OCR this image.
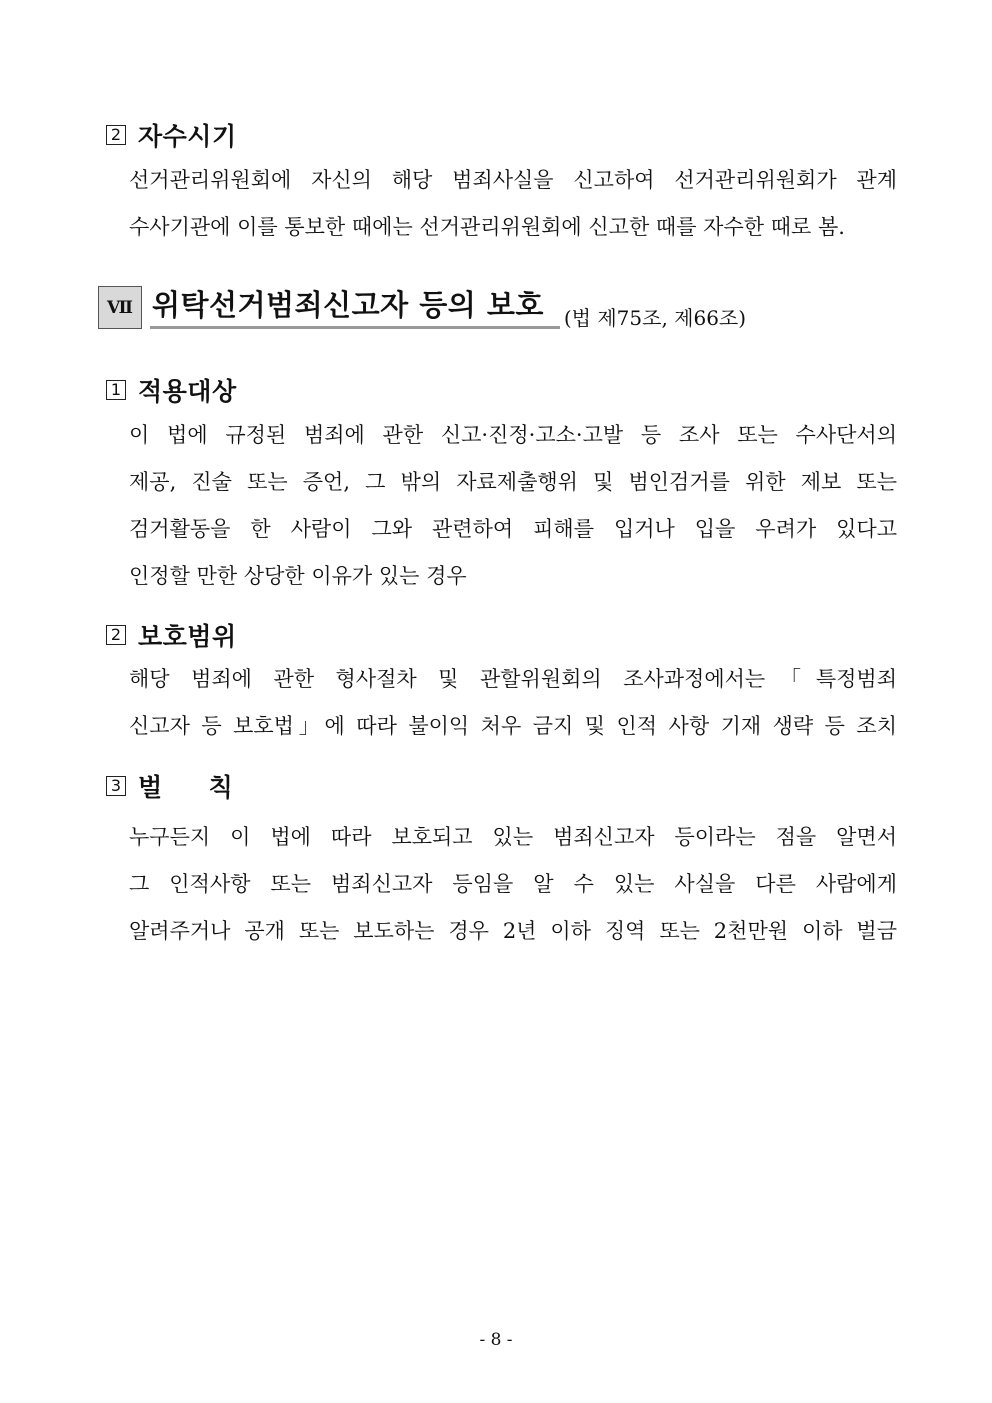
2 자수시기
선거관리위원회에 자신의 해당 범죄사실을 신고하여 선거관리위원회가 관계
수사기관에 이를 통보한 때에는 선거관리위원회에 신고한 때를 자수한 때로 봄.
Ⅶ 위탁선거범죄신고자 등의 보호	(법 제75조, 제66조)
1 적용대상
이 법에 규정된 범죄에 관한 신고·진정·고소·고발 등 조사 또는 수사단서의
제공, 진술 또는 증언, 그 밖의 자료제출행위 및 범인검거를 위한 제보 또는
검거활동을 한 사람이 그와 관련하여 피해를 입거나 입을 우려가 있다고
인정할 만한 상당한 이유가 있는 경우
2 보호범위
해당 범죄에 관한 형사절차 및 관할위원회의 조사과정에서는「특정범죄
신고자 등 보호법」에 따라 불이익 처우 금지 및 인적 사항 기재 생략 등 조치
3 벌     칙
누구든지 이 법에 따라 보호되고 있는 범죄신고자 등이라는 점을 알면서
그 인적사항 또는 범죄신고자 등임을 알 수 있는 사실을 다른 사람에게
알려주거나 공개 또는 보도하는 경우 2년 이하 징역 또는 2천만원 이하 벌금
- 8 -
